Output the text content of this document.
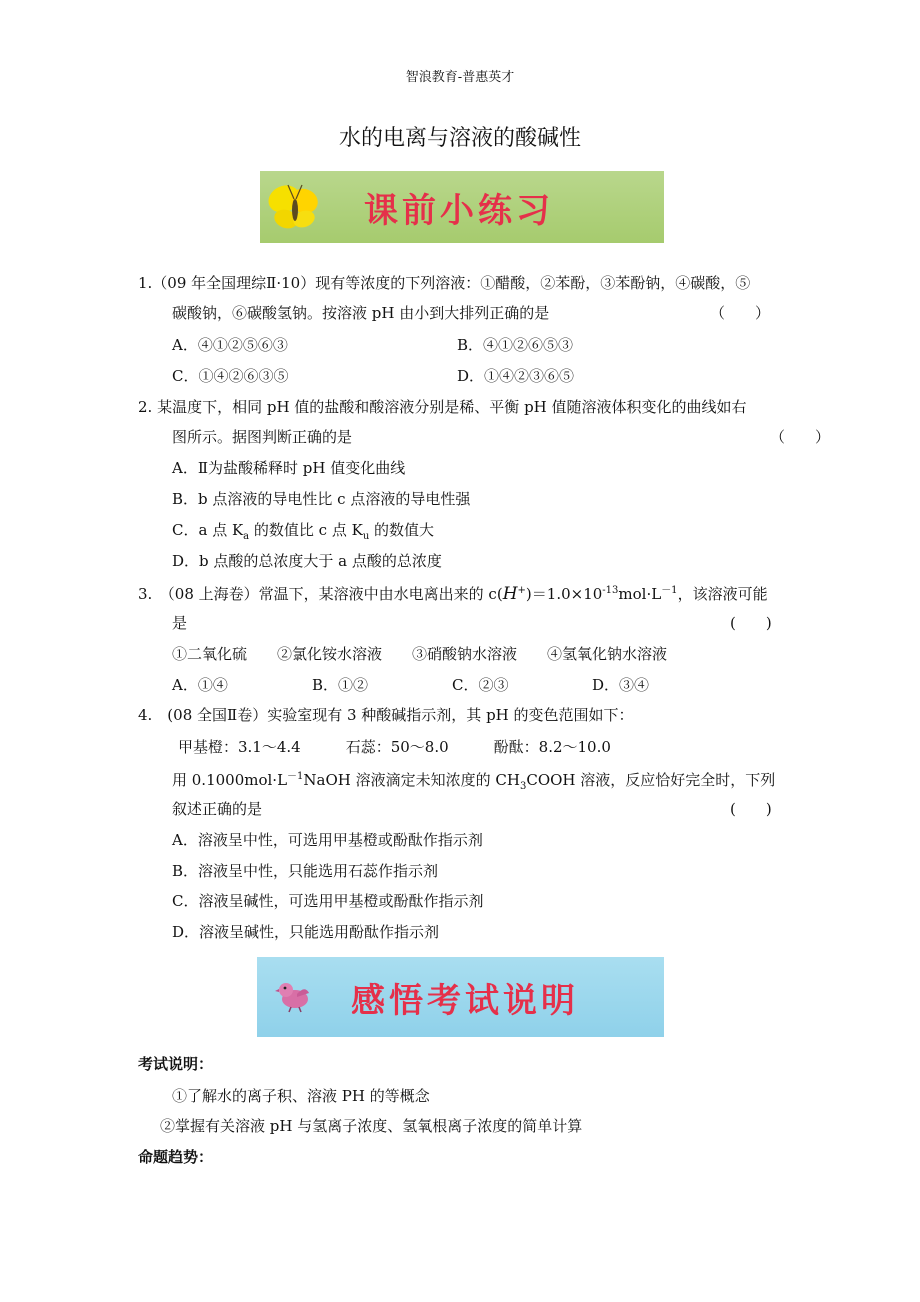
智浪教育-普惠英才
水的电离与溶液的酸碱性
课前小练习
1.（09 年全国理综Ⅱ·10）现有等浓度的下列溶液：①醋酸，②苯酚，③苯酚钠，④碳酸，⑤
碳酸钠，⑥碳酸氢钠。按溶液 pH 由小到大排列正确的是	（　　）
A．④①②⑤⑥③	B．④①②⑥⑤③
C．①④②⑥③⑤	D．①④②③⑥⑤
2. 某温度下，相同 pH 值的盐酸和酸溶液分别是稀、平衡 pH 值随溶液体积变化的曲线如右
图所示。据图判断正确的是	（　　）
A．Ⅱ为盐酸稀释时 pH 值变化曲线
B．b 点溶液的导电性比 c 点溶液的导电性强
C．a 点 $K_a$ 的数值比 c 点 $K_u$ 的数值大
D．b 点酸的总浓度大于 a 点酸的总浓度
3.　（08 上海卷）常温下，某溶液中由水电离出来的 $c(H^+)=1.0\times 10^{-13}mol\cdot L^{-1}$，该溶液可能
是	(　　)
①二氧化硫　　②氯化铵水溶液　　③硝酸钠水溶液　　④氢氧化钠水溶液
A．①④	B．①②	C．②③	D．③④
4.　(08 全国Ⅱ卷）实验室现有 3 种酸碱指示剂，其 pH 的变色范围如下：
甲基橙：3.1～4.4　　　石蕊：50～8.0　　　酚酞：8.2～10.0
用 $0.1000mol\cdot L^{-1}NaOH$ 溶液滴定未知浓度的 $CH_3COOH$ 溶液，反应恰好完全时，下列
叙述正确的是	(　　)
A．溶液呈中性，可选用甲基橙或酚酞作指示剂
B．溶液呈中性，只能选用石蕊作指示剂
C．溶液呈碱性，可选用甲基橙或酚酞作指示剂
D．溶液呈碱性，只能选用酚酞作指示剂
感悟考试说明
考试说明：
①了解水的离子积、溶液 PH 的等概念
②掌握有关溶液 pH 与氢离子浓度、氢氧根离子浓度的简单计算
命题趋势：
